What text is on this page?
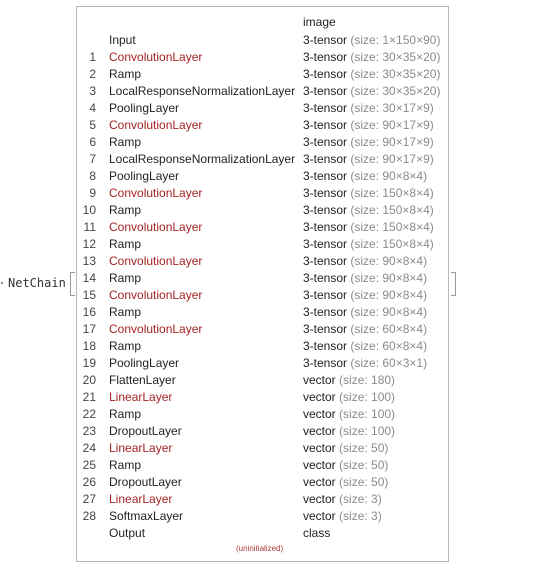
NetChain
image
Input	3-tensor (size: 1×150×90)
1 ConvolutionLayer	3-tensor (size: 30×35×20)
2 Ramp	3-tensor (size: 30×35×20)
3 LocalResponseNormalizationLayer 3-tensor (size: 30×35×20)
4 PoolingLayer	3-tensor (size: 30×17×9)
5 ConvolutionLayer	3-tensor (size: 90×17×9)
6 Ramp	3-tensor (size: 90×17×9)
7 LocalResponseNormalizationLayer 3-tensor (size: 90×17×9)
8 PoolingLayer	3-tensor (size: 90×8×4)
9 ConvolutionLayer	3-tensor (size: 150×8×4)
10 Ramp	3-tensor (size: 150×8×4)
11 ConvolutionLayer	3-tensor (size: 150×8×4)
12 Ramp	3-tensor (size: 150×8×4)
13 ConvolutionLayer	3-tensor (size: 90×8×4)
14 Ramp	3-tensor (size: 90×8×4)
15 ConvolutionLayer	3-tensor (size: 90×8×4)
16 Ramp	3-tensor (size: 90×8×4)
17 ConvolutionLayer	3-tensor (size: 60×8×4)
18 Ramp	3-tensor (size: 60×8×4)
19 PoolingLayer	3-tensor (size: 60×3×1)
20 FlattenLayer	vector (size: 180)
21 LinearLayer	vector (size: 100)
22 Ramp	vector (size: 100)
23 DropoutLayer	vector (size: 100)
24 LinearLayer	vector (size: 50)
25 Ramp	vector (size: 50)
26 DropoutLayer	vector (size: 50)
27 LinearLayer	vector (size: 3)
28 SoftmaxLayer	vector (size: 3)
Output	class
(uninitialized)
